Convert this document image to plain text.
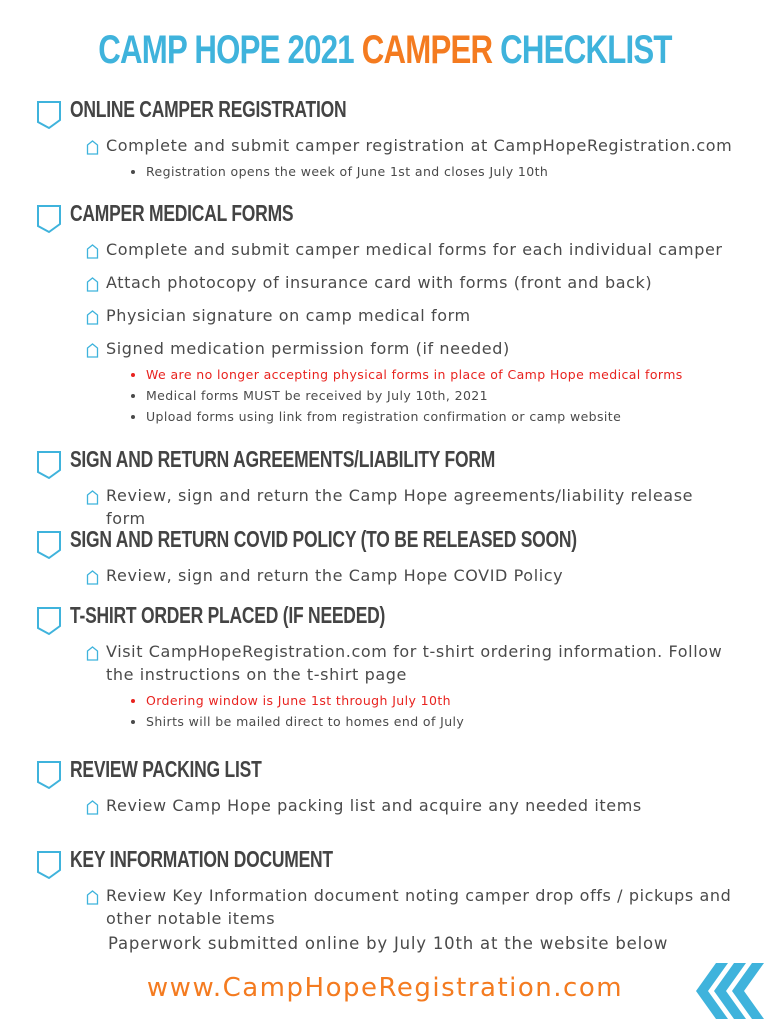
CAMP HOPE 2021 CAMPER CHECKLIST
ONLINE CAMPER REGISTRATION
Complete and submit camper registration at CampHopeRegistration.com
• Registration opens the week of June 1st and closes July 10th
CAMPER MEDICAL FORMS
Complete and submit camper medical forms for each individual camper
Attach photocopy of insurance card with forms (front and back)
Physician signature on camp medical form
Signed medication permission form (if needed)
• We are no longer accepting physical forms in place of Camp Hope medical forms
• Medical forms MUST be received by July 10th, 2021
• Upload forms using link from registration confirmation or camp website
SIGN AND RETURN AGREEMENTS/LIABILITY FORM
Review, sign and return the Camp Hope agreements/liability release form
SIGN AND RETURN COVID POLICY (TO BE RELEASED SOON)
Review, sign and return the Camp Hope COVID Policy
T-SHIRT ORDER PLACED (IF NEEDED)
Visit CampHopeRegistration.com for t-shirt ordering information. Follow the instructions on the t-shirt page
• Ordering window is June 1st through July 10th
• Shirts will be mailed direct to homes end of July
REVIEW PACKING LIST
Review Camp Hope packing list and acquire any needed items
KEY INFORMATION DOCUMENT
Review Key Information document noting camper drop offs / pickups and other notable items
Paperwork submitted online by July 10th at the website below
www.CampHopeRegistration.com
